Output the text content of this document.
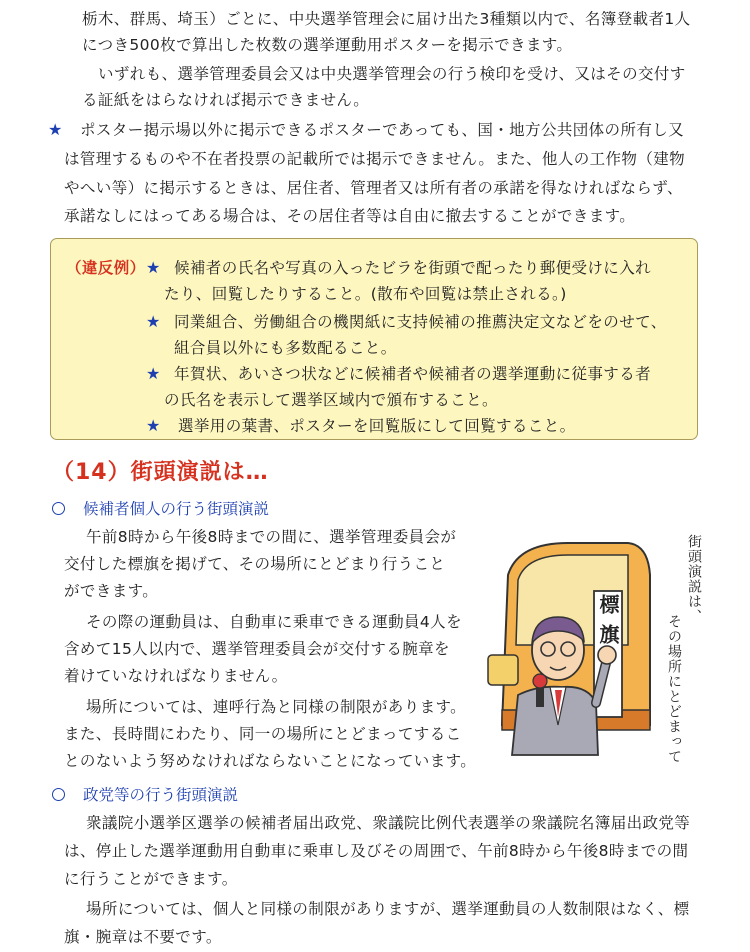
栃木、群馬、埼玉）ごとに、中央選挙管理会に届け出た3種類以内で、名簿登載者1人
につき500枚で算出した枚数の選挙運動用ポスターを掲示できます。
いずれも、選挙管理委員会又は中央選挙管理会の行う検印を受け、又はその交付す
る証紙をはらなければ掲示できません。
★ ポスター掲示場以外に掲示できるポスターであっても、国・地方公共団体の所有し又
は管理するものや不在者投票の記載所では掲示できません。また、他人の工作物（建物
やへい等）に掲示するときは、居住者、管理者又は所有者の承諾を得なければならず、
承諾なしにはってある場合は、その居住者等は自由に撤去することができます。
（違反例） ★ 候補者の氏名や写真の入ったビラを街頭で配ったり郵便受けに入れ
たり、回覧したりすること。(散布や回覧は禁止される。)
★ 同業組合、労働組合の機関紙に支持候補の推薦決定文などをのせて、
組合員以外にも多数配ること。
★ 年賀状、あいさつ状などに候補者や候補者の選挙運動に従事する者
の氏名を表示して選挙区域内で頒布すること。
★ 選挙用の葉書、ポスターを回覧版にして回覧すること。
（14）街頭演説は…
候補者個人の行う街頭演説
午前8時から午後8時までの間に、選挙管理委員会が
交付した標旗を掲げて、その場所にとどまり行うこと
ができます。
その際の運動員は、自動車に乗車できる運動員4人を
含めて15人以内で、選挙管理委員会が交付する腕章を
着けていなければなりません。
場所については、連呼行為と同様の制限があります。
また、長時間にわたり、同一の場所にとどまってするこ
とのないよう努めなければならないことになっています。
標旗	街頭演説は、
その場所にとどまって
政党等の行う街頭演説
衆議院小選挙区選挙の候補者届出政党、衆議院比例代表選挙の衆議院名簿届出政党等
は、停止した選挙運動用自動車に乗車し及びその周囲で、午前8時から午後8時までの間
に行うことができます。
場所については、個人と同様の制限がありますが、選挙運動員の人数制限はなく、標
旗・腕章は不要です。
